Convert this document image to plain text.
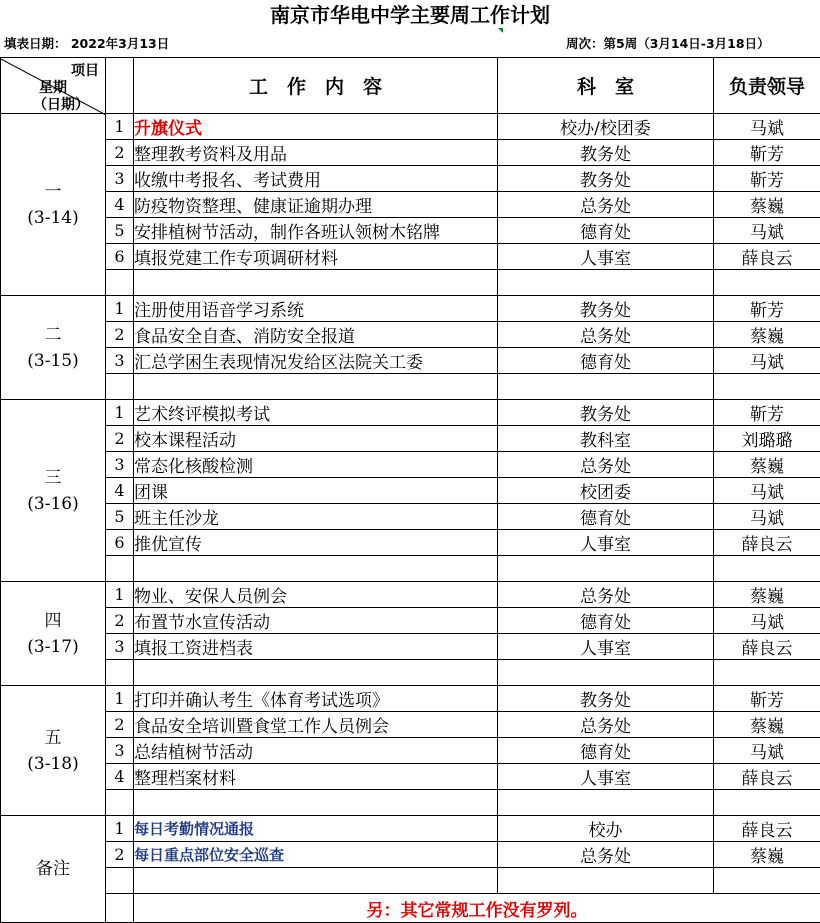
南京市华电中学主要周工作计划
填表日期： 2022年3月13日	周次：第5周（3月14日-3月18日）
项目
星期
（日期）		工　作　内　容	科　室	负责领导

一
(3-14)	1	升旗仪式	校办/校团委	马斌
	2	整理教考资料及用品	教务处	靳芳
	3	收缴中考报名、考试费用	教务处	靳芳
	4	防疫物资整理、健康证逾期办理	总务处	蔡巍
	5	安排植树节活动，制作各班认领树木铭牌	德育处	马斌
	6	填报党建工作专项调研材料	人事室	薛良云

二
(3-15)	1	注册使用语音学习系统	教务处	靳芳
	2	食品安全自查、消防安全报道	总务处	蔡巍
	3	汇总学困生表现情况发给区法院关工委	德育处	马斌

三
(3-16)	1	艺术终评模拟考试	教务处	靳芳
	2	校本课程活动	教科室	刘璐璐
	3	常态化核酸检测	总务处	蔡巍
	4	团课	校团委	马斌
	5	班主任沙龙	德育处	马斌
	6	推优宣传	人事室	薛良云

四
(3-17)	1	物业、安保人员例会	总务处	蔡巍
	2	布置节水宣传活动	德育处	马斌
	3	填报工资进档表	人事室	薛良云

五
(3-18)	1	打印并确认考生《体育考试选项》	教务处	靳芳
	2	食品安全培训暨食堂工作人员例会	总务处	蔡巍
	3	总结植树节活动	德育处	马斌
	4	整理档案材料	人事室	薛良云

备注	1	每日考勤情况通报	校办	薛良云
	2	每日重点部位安全巡查	总务处	蔡巍

		另：其它常规工作没有罗列。		
